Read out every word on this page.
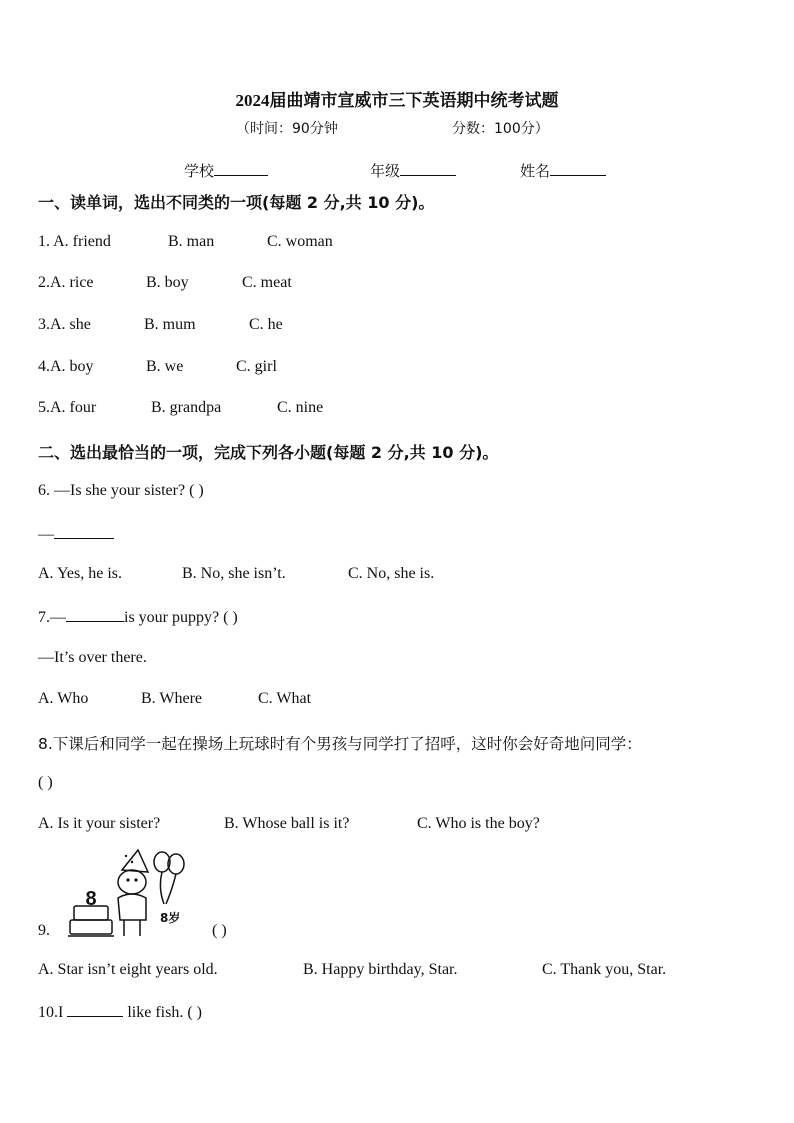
2024届曲靖市宣威市三下英语期中统考试题
（时间：90分钟	分数：100分）
学校	年级	姓名
一、读单词，选出不同类的一项(每题 2 分,共 10 分)。
1. A. friend	B. man	C. woman
2.A. rice	B. boy	C. meat
3.A. she	B. mum	C. he
4.A. boy	B. we	C. girl
5.A. four	B. grandpa	C. nine
二、选出最恰当的一项，完成下列各小题(每题 2 分,共 10 分)。
6. —Is she your sister? ( )
—
A. Yes, he is.	B. No, she isn’t.	C. No, she is.
7.—	is your puppy? ( )
—It’s over there.
A. Who	B. Where	C. What
8.下课后和同学一起在操场上玩球时有个男孩与同学打了招呼，这时你会好奇地问同学：
( )
A. Is it your sister?	B. Whose ball is it?	C. Who is the boy?
9.
8
8岁
( )
A. Star isn’t eight years old.	B. Happy birthday, Star.	C. Thank you, Star.
10.I	like fish. ( )
